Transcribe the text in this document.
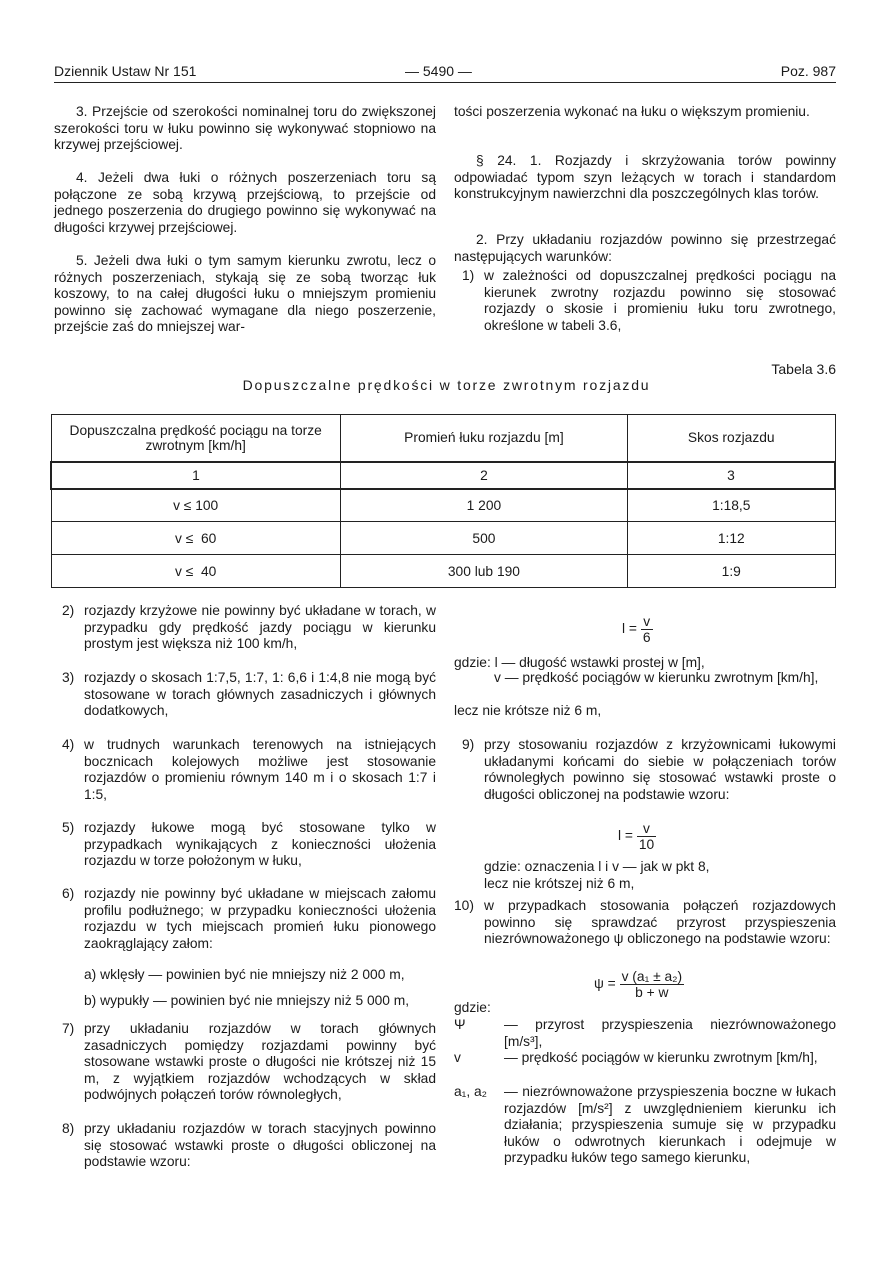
Dziennik Ustaw Nr 151	— 5490 —	Poz. 987

3. Przejście od szerokości nominalnej toru do zwiększonej szerokości toru w łuku powinno się wykonywać stopniowo na krzywej przejściowej.

4. Jeżeli dwa łuki o różnych poszerzeniach toru są połączone ze sobą krzywą przejściową, to przejście od jednego poszerzenia do drugiego powinno się wykonywać na długości krzywej przejściowej.

5. Jeżeli dwa łuki o tym samym kierunku zwrotu, lecz o różnych poszerzeniach, stykają się ze sobą tworząc łuk koszowy, to na całej długości łuku o mniejszym promieniu powinno się zachować wymagane dla niego poszerzenie, przejście zaś do mniejszej war-

tości poszerzenia wykonać na łuku o większym promieniu.

§ 24. 1. Rozjazdy i skrzyżowania torów powinny odpowiadać typom szyn leżących w torach i standardom konstrukcyjnym nawierzchni dla poszczególnych klas torów.

2. Przy układaniu rozjazdów powinno się przestrzegać następujących warunków:

1) w zależności od dopuszczalnej prędkości pociągu na kierunek zwrotny rozjazdu powinno się stosować rozjazdy o skosie i promieniu łuku toru zwrotnego, określone w tabeli 3.6,
Tabela 3.6
Dopuszczalne prędkości w torze zwrotnym rozjazdu
Dopuszczalna prędkość pociągu na torze zwrotnym [km/h]	Promień łuku rozjazdu [m]	Skos rozjazdu
1	2	3
v ≤ 100	1 200	1:18,5
v ≤  60	500	1:12
v ≤  40	300 lub 190	1:9
2) rozjazdy krzyżowe nie powinny być układane w torach, w przypadku gdy prędkość jazdy pociągu w kierunku prostym jest większa niż 100 km/h,
3) rozjazdy o skosach 1:7,5, 1:7, 1: 6,6 i 1:4,8 nie mogą być stosowane w torach głównych zasadniczych i głównych dodatkowych,
4) w trudnych warunkach terenowych na istniejących bocznicach kolejowych możliwe jest stosowanie rozjazdów o promieniu równym 140 m i o skosach 1:7 i 1:5,
5) rozjazdy łukowe mogą być stosowane tylko w przypadkach wynikających z konieczności ułożenia rozjazdu w torze położonym w łuku,
6) rozjazdy nie powinny być układane w miejscach załomu profilu podłużnego; w przypadku konieczności ułożenia rozjazdu w tych miejscach promień łuku pionowego zaokrąglający załom:
a) wklęsły — powinien być nie mniejszy niż 2 000 m,
b) wypukły — powinien być nie mniejszy niż 5 000 m,
7) przy układaniu rozjazdów w torach głównych zasadniczych pomiędzy rozjazdami powinny być stosowane wstawki proste o długości nie krótszej niż 15 m, z wyjątkiem rozjazdów wchodzących w skład podwójnych połączeń torów równoległych,
8) przy układaniu rozjazdów w torach stacyjnych powinno się stosować wstawki proste o długości obliczonej na podstawie wzoru:
$l = \frac{v}{6}$
gdzie: l — długość wstawki prostej w [m],
v — prędkość pociągów w kierunku zwrotnym [km/h],
lecz nie krótsze niż 6 m,
9) przy stosowaniu rozjazdów z krzyżownicami łukowymi układanymi końcami do siebie w połączeniach torów równoległych powinno się stosować wstawki proste o długości obliczonej na podstawie wzoru:
$l = \frac{v}{10}$
gdzie: oznaczenia l i v — jak w pkt 8,
lecz nie krótszej niż 6 m,
10) w przypadkach stosowania połączeń rozjazdowych powinno się sprawdzać przyrost przyspieszenia niezrównoważonego ψ obliczonego na podstawie wzoru:
$\psi = \frac{\text{v (a₁ ± a₂)}}{b + w}$
gdzie:
Ψ	— przyrost przyspieszenia niezrównoważonego [m/s³],
v	— prędkość pociągów w kierunku zwrotnym [km/h],
a₁, a₂ — niezrównoważone przyspieszenia boczne w łukach rozjazdów [m/s²] z uwzględnieniem kierunku ich działania; przyspieszenia sumuje się w przypadku łuków o odwrotnych kierunkach i odejmuje w przypadku łuków tego samego kierunku,
